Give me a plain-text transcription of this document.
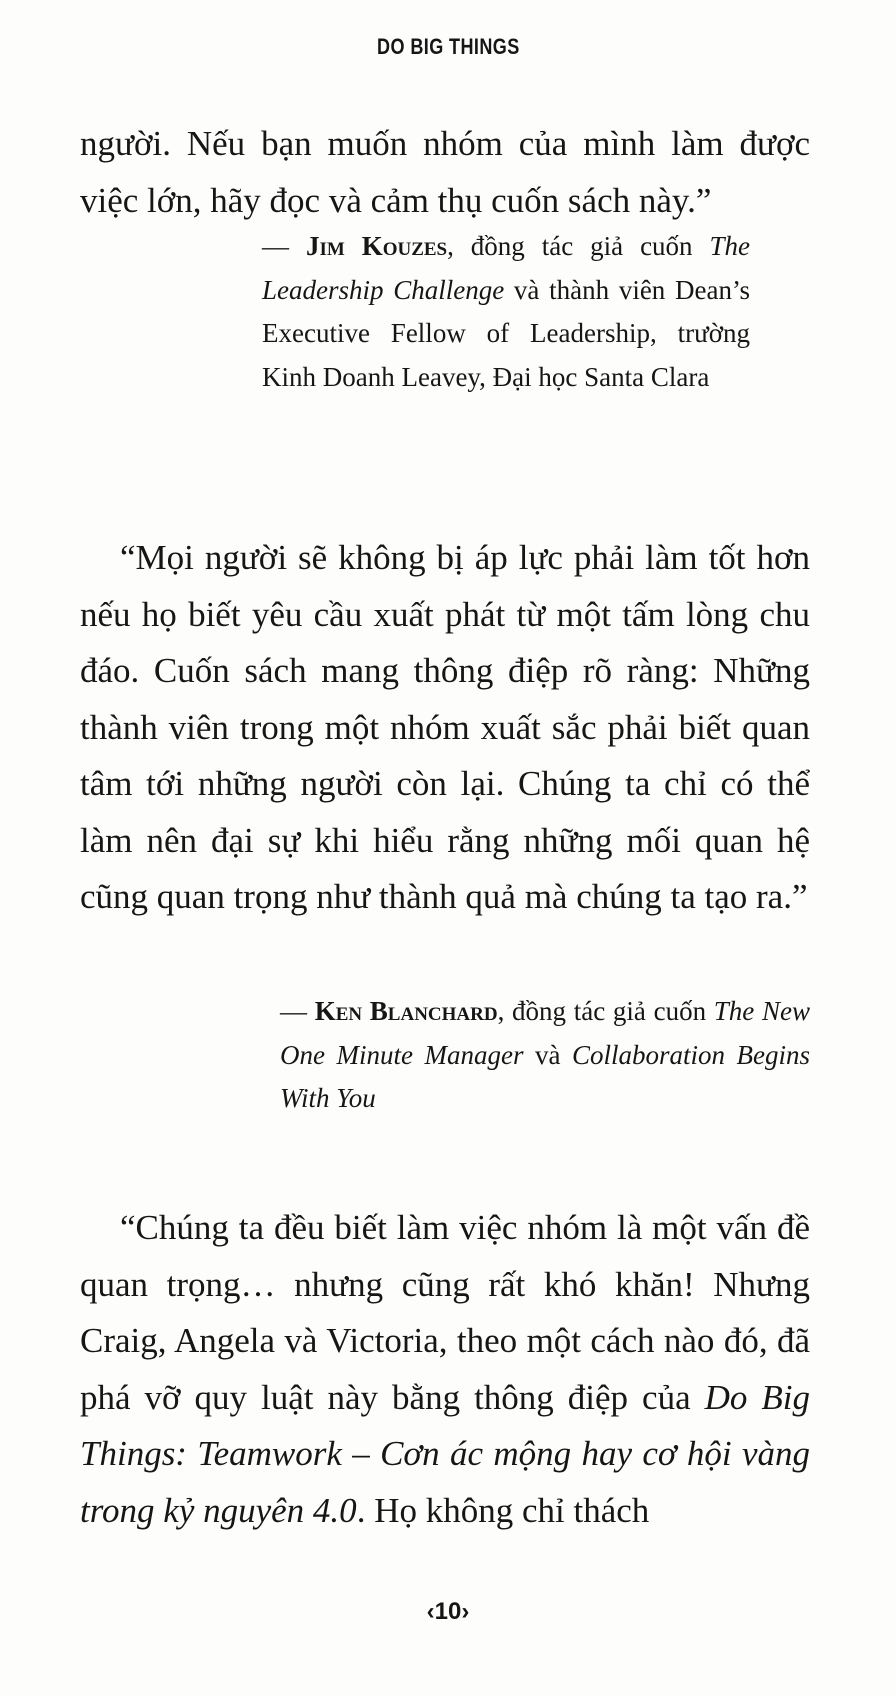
DO BIG THINGS

người. Nếu bạn muốn nhóm của mình làm được việc lớn, hãy đọc và cảm thụ cuốn sách này.”

— Jim Kouzes, đồng tác giả cuốn The Leadership Challenge và thành viên Dean’s Executive Fellow of Leadership, trường Kinh Doanh Leavey, Đại học Santa Clara

“Mọi người sẽ không bị áp lực phải làm tốt hơn nếu họ biết yêu cầu xuất phát từ một tấm lòng chu đáo. Cuốn sách mang thông điệp rõ ràng: Những thành viên trong một nhóm xuất sắc phải biết quan tâm tới những người còn lại. Chúng ta chỉ có thể làm nên đại sự khi hiểu rằng những mối quan hệ cũng quan trọng như thành quả mà chúng ta tạo ra.”

— Ken Blanchard, đồng tác giả cuốn The New One Minute Manager và Collaboration Begins With You

“Chúng ta đều biết làm việc nhóm là một vấn đề quan trọng… nhưng cũng rất khó khăn! Nhưng Craig, Angela và Victoria, theo một cách nào đó, đã phá vỡ quy luật này bằng thông điệp của Do Big Things: Teamwork – Cơn ác mộng hay cơ hội vàng trong kỷ nguyên 4.0. Họ không chỉ thách

‹10›
